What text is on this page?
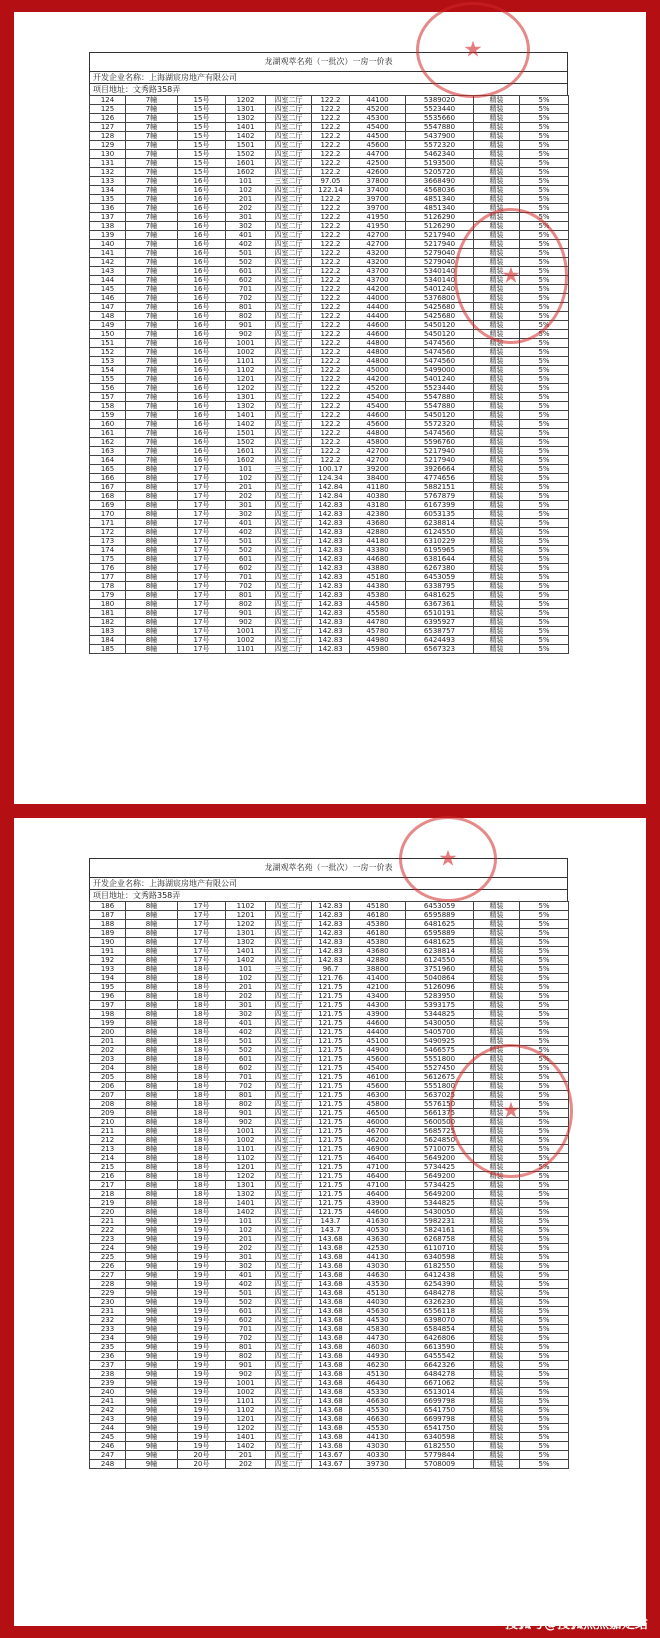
龙湖观萃名苑（一批次）一房一价表
开发企业名称：上海湖宸房地产有限公司
项目地址：文秀路358弄
124	7幢	15号	1202	四室二厅	122.2	44100	5389020	精装	5%
125	7幢	15号	1301	四室二厅	122.2	45200	5523440	精装	5%
126	7幢	15号	1302	四室二厅	122.2	45300	5535660	精装	5%
127	7幢	15号	1401	四室二厅	122.2	45400	5547880	精装	5%
128	7幢	15号	1402	四室二厅	122.2	44500	5437900	精装	5%
129	7幢	15号	1501	四室二厅	122.2	45600	5572320	精装	5%
130	7幢	15号	1502	四室二厅	122.2	44700	5462340	精装	5%
131	7幢	15号	1601	四室二厅	122.2	42500	5193500	精装	5%
132	7幢	15号	1602	四室二厅	122.2	42600	5205720	精装	5%
133	7幢	16号	101	三室二厅	97.05	37800	3668490	精装	5%
134	7幢	16号	102	四室二厅	122.14	37400	4568036	精装	5%
135	7幢	16号	201	四室二厅	122.2	39700	4851340	精装	5%
136	7幢	16号	202	四室二厅	122.2	39700	4851340	精装	5%
137	7幢	16号	301	四室二厅	122.2	41950	5126290	精装	5%
138	7幢	16号	302	四室二厅	122.2	41950	5126290	精装	5%
139	7幢	16号	401	四室二厅	122.2	42700	5217940	精装	5%
140	7幢	16号	402	四室二厅	122.2	42700	5217940	精装	5%
141	7幢	16号	501	四室二厅	122.2	43200	5279040	精装	5%
142	7幢	16号	502	四室二厅	122.2	43200	5279040	精装	5%
143	7幢	16号	601	四室二厅	122.2	43700	5340140	精装	5%
144	7幢	16号	602	四室二厅	122.2	43700	5340140	精装	5%
145	7幢	16号	701	四室二厅	122.2	44200	5401240	精装	5%
146	7幢	16号	702	四室二厅	122.2	44000	5376800	精装	5%
147	7幢	16号	801	四室二厅	122.2	44400	5425680	精装	5%
148	7幢	16号	802	四室二厅	122.2	44400	5425680	精装	5%
149	7幢	16号	901	四室二厅	122.2	44600	5450120	精装	5%
150	7幢	16号	902	四室二厅	122.2	44600	5450120	精装	5%
151	7幢	16号	1001	四室二厅	122.2	44800	5474560	精装	5%
152	7幢	16号	1002	四室二厅	122.2	44800	5474560	精装	5%
153	7幢	16号	1101	四室二厅	122.2	44800	5474560	精装	5%
154	7幢	16号	1102	四室二厅	122.2	45000	5499000	精装	5%
155	7幢	16号	1201	四室二厅	122.2	44200	5401240	精装	5%
156	7幢	16号	1202	四室二厅	122.2	45200	5523440	精装	5%
157	7幢	16号	1301	四室二厅	122.2	45400	5547880	精装	5%
158	7幢	16号	1302	四室二厅	122.2	45400	5547880	精装	5%
159	7幢	16号	1401	四室二厅	122.2	44600	5450120	精装	5%
160	7幢	16号	1402	四室二厅	122.2	45600	5572320	精装	5%
161	7幢	16号	1501	四室二厅	122.2	44800	5474560	精装	5%
162	7幢	16号	1502	四室二厅	122.2	45800	5596760	精装	5%
163	7幢	16号	1601	四室二厅	122.2	42700	5217940	精装	5%
164	7幢	16号	1602	四室二厅	122.2	42700	5217940	精装	5%
165	8幢	17号	101	三室二厅	100.17	39200	3926664	精装	5%
166	8幢	17号	102	四室二厅	124.34	38400	4774656	精装	5%
167	8幢	17号	201	四室二厅	142.84	41180	5882151	精装	5%
168	8幢	17号	202	四室二厅	142.84	40380	5767879	精装	5%
169	8幢	17号	301	四室二厅	142.83	43180	6167399	精装	5%
170	8幢	17号	302	四室二厅	142.83	42380	6053135	精装	5%
171	8幢	17号	401	四室二厅	142.83	43680	6238814	精装	5%
172	8幢	17号	402	四室二厅	142.83	42880	6124550	精装	5%
173	8幢	17号	501	四室二厅	142.83	44180	6310229	精装	5%
174	8幢	17号	502	四室二厅	142.83	43380	6195965	精装	5%
175	8幢	17号	601	四室二厅	142.83	44680	6381644	精装	5%
176	8幢	17号	602	四室二厅	142.83	43880	6267380	精装	5%
177	8幢	17号	701	四室二厅	142.83	45180	6453059	精装	5%
178	8幢	17号	702	四室二厅	142.83	44380	6338795	精装	5%
179	8幢	17号	801	四室二厅	142.83	45380	6481625	精装	5%
180	8幢	17号	802	四室二厅	142.83	44580	6367361	精装	5%
181	8幢	17号	901	四室二厅	142.83	45580	6510191	精装	5%
182	8幢	17号	902	四室二厅	142.83	44780	6395927	精装	5%
183	8幢	17号	1001	四室二厅	142.83	45780	6538757	精装	5%
184	8幢	17号	1002	四室二厅	142.83	44980	6424493	精装	5%
185	8幢	17号	1101	四室二厅	142.83	45980	6567323	精装	5%
★
★
龙湖观萃名苑（一批次）一房一价表
开发企业名称：上海湖宸房地产有限公司
项目地址：文秀路358弄
186	8幢	17号	1102	四室二厅	142.83	45180	6453059	精装	5%
187	8幢	17号	1201	四室二厅	142.83	46180	6595889	精装	5%
188	8幢	17号	1202	四室二厅	142.83	45380	6481625	精装	5%
189	8幢	17号	1301	四室二厅	142.83	46180	6595889	精装	5%
190	8幢	17号	1302	四室二厅	142.83	45380	6481625	精装	5%
191	8幢	17号	1401	四室二厅	142.83	43680	6238814	精装	5%
192	8幢	17号	1402	四室二厅	142.83	42880	6124550	精装	5%
193	8幢	18号	101	三室二厅	96.7	38800	3751960	精装	5%
194	8幢	18号	102	四室二厅	121.76	41400	5040864	精装	5%
195	8幢	18号	201	四室二厅	121.75	42100	5126096	精装	5%
196	8幢	18号	202	四室二厅	121.75	43400	5283950	精装	5%
197	8幢	18号	301	四室二厅	121.75	44300	5393175	精装	5%
198	8幢	18号	302	四室二厅	121.75	43900	5344825	精装	5%
199	8幢	18号	401	四室二厅	121.75	44600	5430050	精装	5%
200	8幢	18号	402	四室二厅	121.75	44400	5405700	精装	5%
201	8幢	18号	501	四室二厅	121.75	45100	5490925	精装	5%
202	8幢	18号	502	四室二厅	121.75	44900	5466575	精装	5%
203	8幢	18号	601	四室二厅	121.75	45600	5551800	精装	5%
204	8幢	18号	602	四室二厅	121.75	45400	5527450	精装	5%
205	8幢	18号	701	四室二厅	121.75	46100	5612675	精装	5%
206	8幢	18号	702	四室二厅	121.75	45600	5551800	精装	5%
207	8幢	18号	801	四室二厅	121.75	46300	5637025	精装	5%
208	8幢	18号	802	四室二厅	121.75	45800	5576150	精装	5%
209	8幢	18号	901	四室二厅	121.75	46500	5661375	精装	5%
210	8幢	18号	902	四室二厅	121.75	46000	5600500	精装	5%
211	8幢	18号	1001	四室二厅	121.75	46700	5685725	精装	5%
212	8幢	18号	1002	四室二厅	121.75	46200	5624850	精装	5%
213	8幢	18号	1101	四室二厅	121.75	46900	5710075	精装	5%
214	8幢	18号	1102	四室二厅	121.75	46400	5649200	精装	5%
215	8幢	18号	1201	四室二厅	121.75	47100	5734425	精装	5%
216	8幢	18号	1202	四室二厅	121.75	46400	5649200	精装	5%
217	8幢	18号	1301	四室二厅	121.75	47100	5734425	精装	5%
218	8幢	18号	1302	四室二厅	121.75	46400	5649200	精装	5%
219	8幢	18号	1401	四室二厅	121.75	43900	5344825	精装	5%
220	8幢	18号	1402	四室二厅	121.75	44600	5430050	精装	5%
221	9幢	19号	101	四室二厅	143.7	41630	5982231	精装	5%
222	9幢	19号	102	四室二厅	143.7	40530	5824161	精装	5%
223	9幢	19号	201	四室二厅	143.68	43630	6268758	精装	5%
224	9幢	19号	202	四室二厅	143.68	42530	6110710	精装	5%
225	9幢	19号	301	四室二厅	143.68	44130	6340598	精装	5%
226	9幢	19号	302	四室二厅	143.68	43030	6182550	精装	5%
227	9幢	19号	401	四室二厅	143.68	44630	6412438	精装	5%
228	9幢	19号	402	四室二厅	143.68	43530	6254390	精装	5%
229	9幢	19号	501	四室二厅	143.68	45130	6484278	精装	5%
230	9幢	19号	502	四室二厅	143.68	44030	6326230	精装	5%
231	9幢	19号	601	四室二厅	143.68	45630	6556118	精装	5%
232	9幢	19号	602	四室二厅	143.68	44530	6398070	精装	5%
233	9幢	19号	701	四室二厅	143.68	45830	6584854	精装	5%
234	9幢	19号	702	四室二厅	143.68	44730	6426806	精装	5%
235	9幢	19号	801	四室二厅	143.68	46030	6613590	精装	5%
236	9幢	19号	802	四室二厅	143.68	44930	6455542	精装	5%
237	9幢	19号	901	四室二厅	143.68	46230	6642326	精装	5%
238	9幢	19号	902	四室二厅	143.68	45130	6484278	精装	5%
239	9幢	19号	1001	四室二厅	143.68	46430	6671062	精装	5%
240	9幢	19号	1002	四室二厅	143.68	45330	6513014	精装	5%
241	9幢	19号	1101	四室二厅	143.68	46630	6699798	精装	5%
242	9幢	19号	1102	四室二厅	143.68	45530	6541750	精装	5%
243	9幢	19号	1201	四室二厅	143.68	46630	6699798	精装	5%
244	9幢	19号	1202	四室二厅	143.68	45530	6541750	精装	5%
245	9幢	19号	1401	四室二厅	143.68	44130	6340598	精装	5%
246	9幢	19号	1402	四室二厅	143.68	43030	6182550	精装	5%
247	9幢	20号	201	四室二厅	143.67	40330	5779844	精装	5%
248	9幢	20号	202	四室二厅	143.67	39730	5708009	精装	5%
★
★
搜狐号@搜狐焦点嘉定站
